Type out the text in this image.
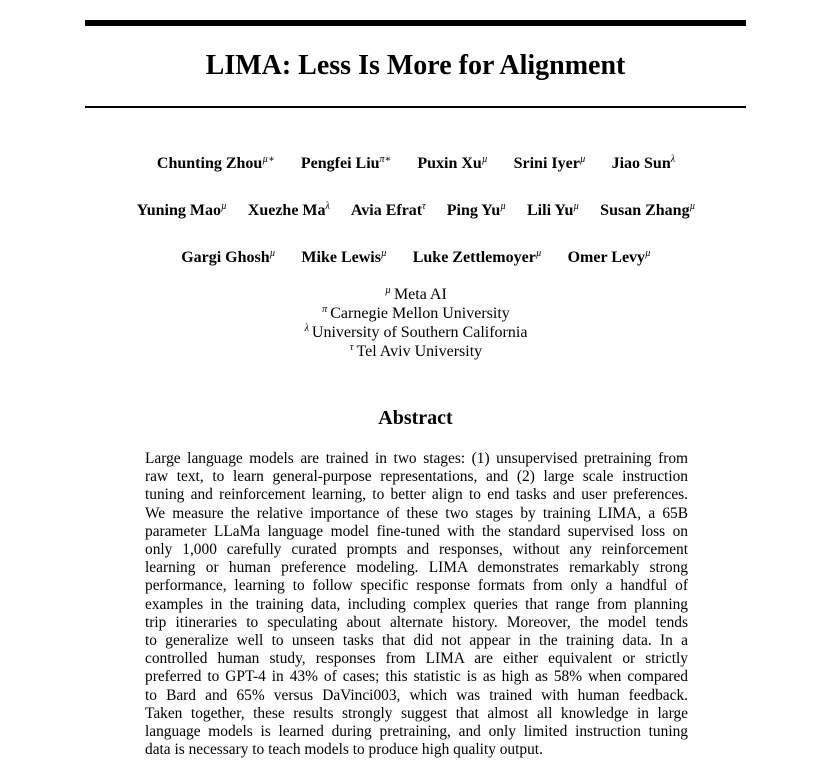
LIMA: Less Is More for Alignment
Chunting Zhou$^{\mu∗}$ Pengfei Liu$^{\pi∗}$ Puxin $Xu^\mu$ Srini Iyer$^\mu$ Jiao Sun$^\lambda$
Yuning Mao$^\mu$ Xuezhe $Ma^\lambda$ Avia Efrat$^\tau$ Ping $Yu^\mu$ Lili $Yu^\mu$ Susan Zhang$^\mu$
Gargi Ghosh$^\mu$ Mike Lewis$^\mu$ Luke Zettlemoyer$^\mu$ Omer Levy$^\mu$
$^\mu$ Meta AI
$^\pi$ Carnegie Mellon University
$^\lambda$ University of Southern California
$^\tau$ Tel Aviv University
Abstract
Large language models are trained in two stages: (1) unsupervised pretraining from
raw text, to learn general-purpose representations, and (2) large scale instruction
tuning and reinforcement learning, to better align to end tasks and user preferences.
We measure the relative importance of these two stages by training LIMA, a 65B
parameter LLaMa language model fine-tuned with the standard supervised loss on
only 1,000 carefully curated prompts and responses, without any reinforcement
learning or human preference modeling. LIMA demonstrates remarkably strong
performance, learning to follow specific response formats from only a handful of
examples in the training data, including complex queries that range from planning
trip itineraries to speculating about alternate history. Moreover, the model tends
to generalize well to unseen tasks that did not appear in the training data. In a
controlled human study, responses from LIMA are either equivalent or strictly
preferred to GPT-4 in 43% of cases; this statistic is as high as 58% when compared
to Bard and 65% versus DaVinci003, which was trained with human feedback.
Taken together, these results strongly suggest that almost all knowledge in large
language models is learned during pretraining, and only limited instruction tuning
data is necessary to teach models to produce high quality output.
